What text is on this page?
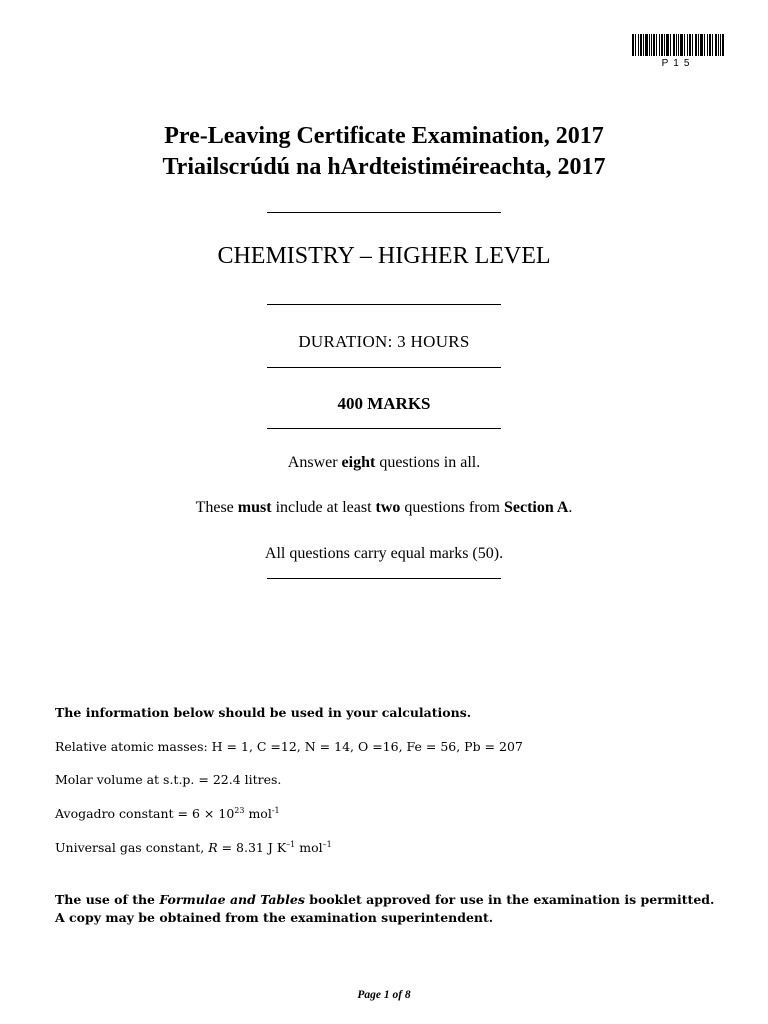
P15
Pre-Leaving Certificate Examination, 2017
Triailscrúdú na hArdteistiméireachta, 2017
CHEMISTRY – HIGHER LEVEL
DURATION: 3 HOURS
400 MARKS
Answer eight questions in all.
These must include at least two questions from Section A.
All questions carry equal marks (50).
The information below should be used in your calculations.
Relative atomic masses: H = 1, C =12, N = 14, O =16, Fe = 56, Pb = 207
Molar volume at s.t.p. = 22.4 litres.
Avogadro constant = $6 \times 10^{23}$ mol$^{-1}$
Universal gas constant, R = 8.31 J $K^{-1}$ mol$^{-1}$
The use of the Formulae and Tables booklet approved for use in the examination is permitted. A copy may be obtained from the examination superintendent.
Page 1 of 8
